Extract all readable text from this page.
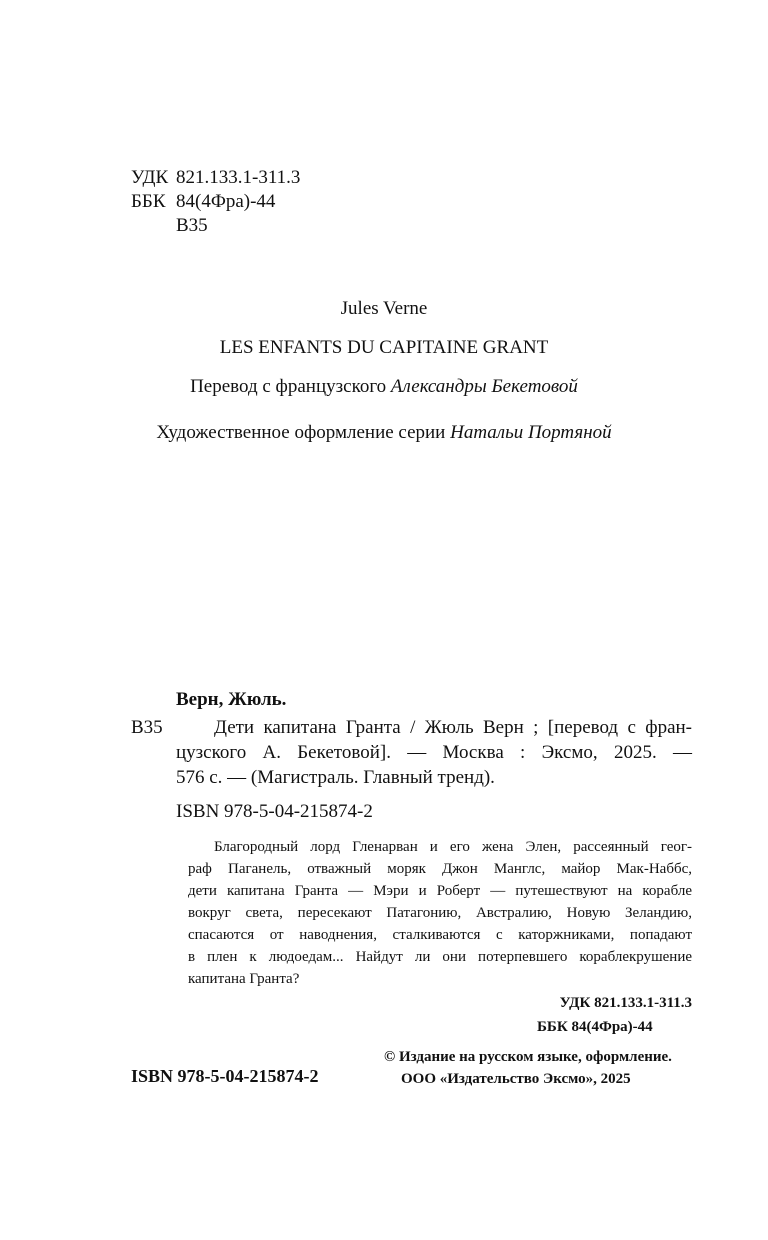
УДК 821.133.1-311.3
ББК 84(4Фра)-44
В35
Jules Verne
LES ENFANTS DU CAPITAINE GRANT
Перевод с французского Александры Бекетовой
Художественное оформление серии Натальи Портяной
Верн, Жюль.
В35	Дети капитана Гранта / Жюль Верн ; [перевод с фран-
цузского А. Бекетовой]. — Москва : Эксмо, 2025. —
576 с. — (Магистраль. Главный тренд).
ISBN 978-5-04-215874-2
Благородный лорд Гленарван и его жена Элен, рассеянный геог-
раф Паганель, отважный моряк Джон Манглс, майор Мак-Наббс,
дети капитана Гранта — Мэри и Роберт — путешествуют на корабле
вокруг света, пересекают Патагонию, Австралию, Новую Зеландию,
спасаются от наводнения, сталкиваются с каторжниками, попадают
в плен к людоедам... Найдут ли они потерпевшего кораблекрушение
капитана Гранта?
УДК 821.133.1-311.3
ББК 84(4Фра)-44
ISBN 978-5-04-215874-2
© Издание на русском языке, оформление.
ООО «Издательство Эксмо», 2025
